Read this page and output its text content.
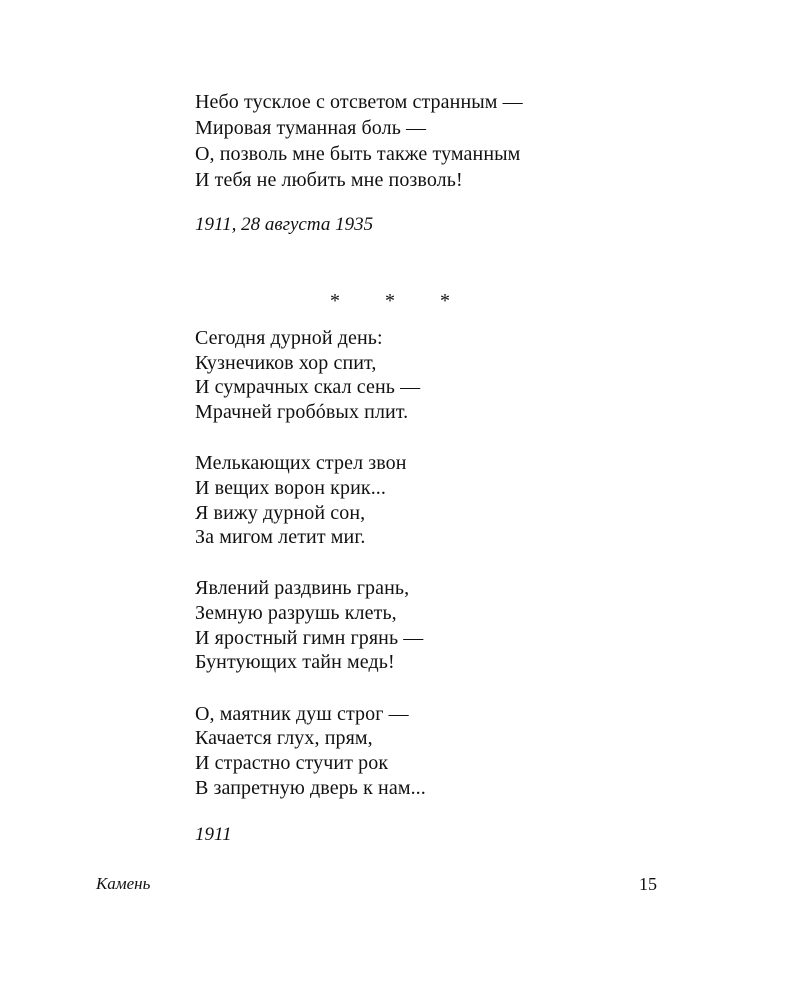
Небо тусклое с отсветом странным —
Мировая туманная боль —
О, позволь мне быть также туманным
И тебя не любить мне позволь!
1911, 28 августа 1935
* * *
Сегодня дурной день:
Кузнечиков хор спит,
И сумрачных скал сень —
Мрачней гробóвых плит.
Мелькающих стрел звон
И вещих ворон крик...
Я вижу дурной сон,
За мигом летит миг.
Явлений раздвинь грань,
Земную разрушь клеть,
И яростный гимн грянь —
Бунтующих тайн медь!
О, маятник душ строг —
Качается глух, прям,
И страстно стучит рок
В запретную дверь к нам...
1911
Камень	15
